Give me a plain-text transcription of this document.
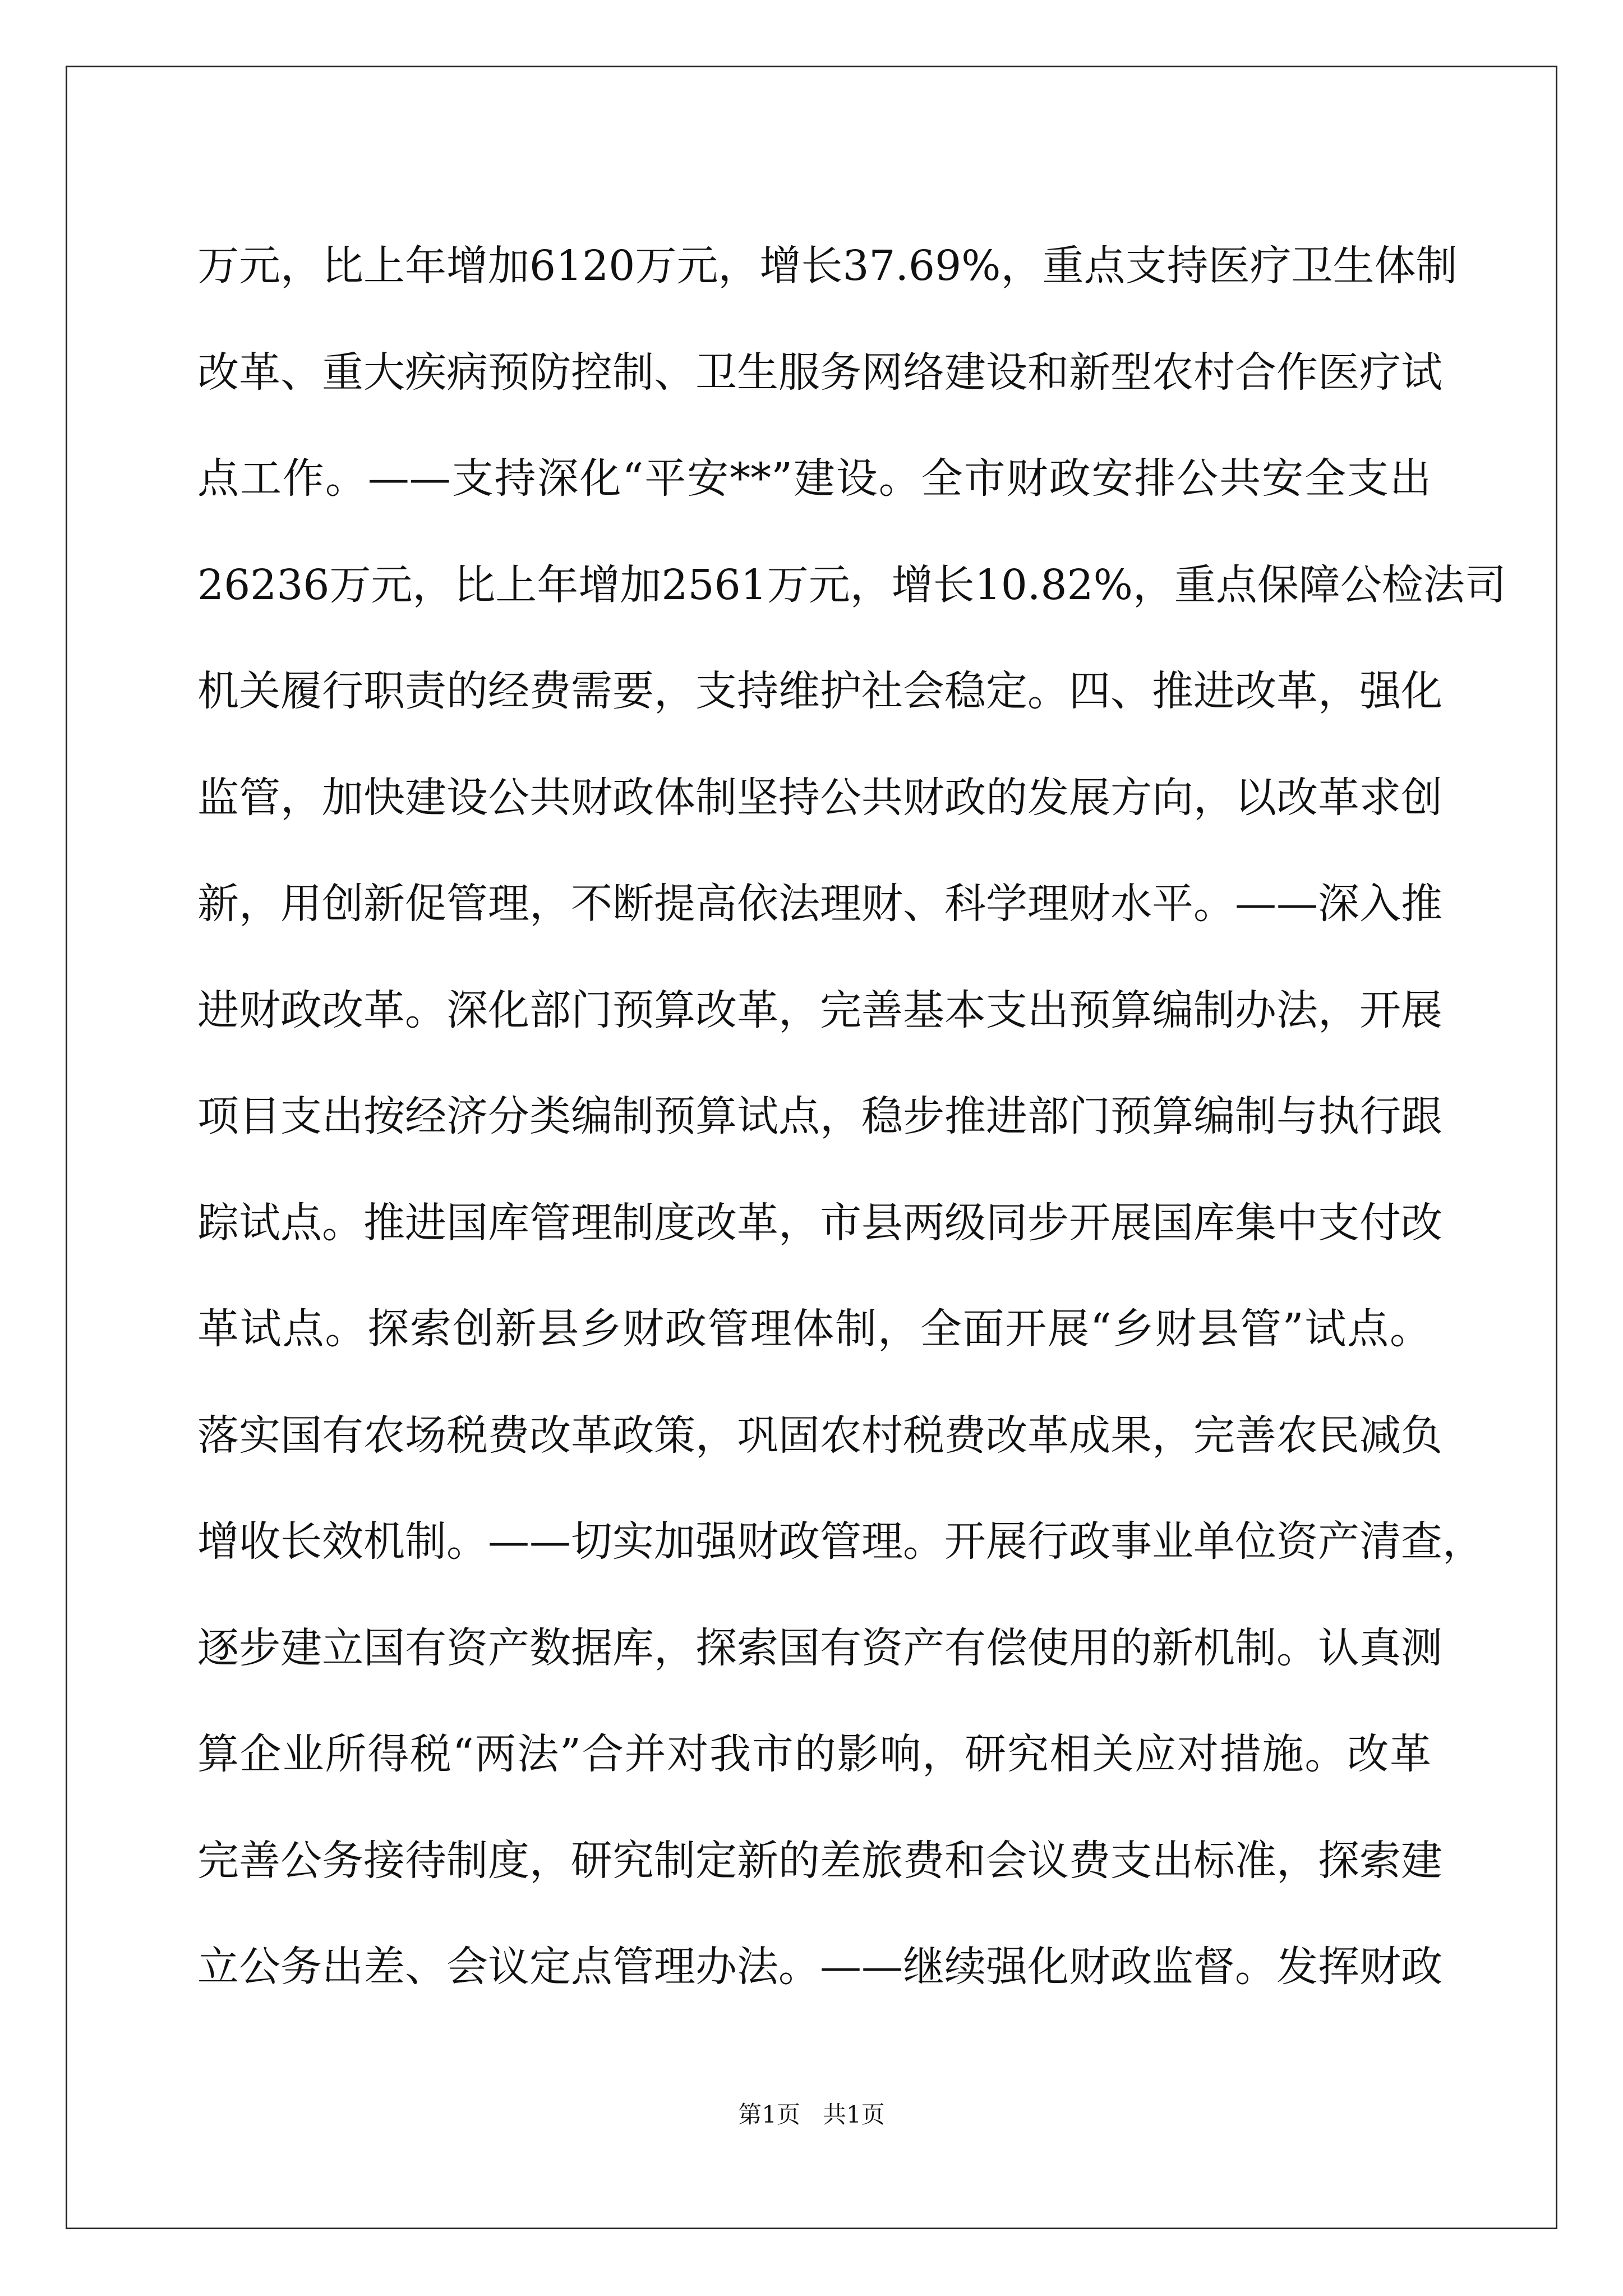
万元，比上年增加6120万元，增长37.69%，重点支持医疗卫生体制
改革、重大疾病预防控制、卫生服务网络建设和新型农村合作医疗试
点工作。——支持深化“平安**”建设。全市财政安排公共安全支出
26236万元，比上年增加2561万元，增长10.82%，重点保障公检法司
机关履行职责的经费需要，支持维护社会稳定。四、推进改革，强化
监管，加快建设公共财政体制坚持公共财政的发展方向，以改革求创
新，用创新促管理，不断提高依法理财、科学理财水平。——深入推
进财政改革。深化部门预算改革，完善基本支出预算编制办法，开展
项目支出按经济分类编制预算试点，稳步推进部门预算编制与执行跟
踪试点。推进国库管理制度改革，市县两级同步开展国库集中支付改
革试点。探索创新县乡财政管理体制，全面开展“乡财县管”试点。
落实国有农场税费改革政策，巩固农村税费改革成果，完善农民减负
增收长效机制。——切实加强财政管理。开展行政事业单位资产清查，
逐步建立国有资产数据库，探索国有资产有偿使用的新机制。认真测
算企业所得税“两法”合并对我市的影响，研究相关应对措施。改革
完善公务接待制度，研究制定新的差旅费和会议费支出标准，探索建
立公务出差、会议定点管理办法。——继续强化财政监督。发挥财政
第1页 共1页
